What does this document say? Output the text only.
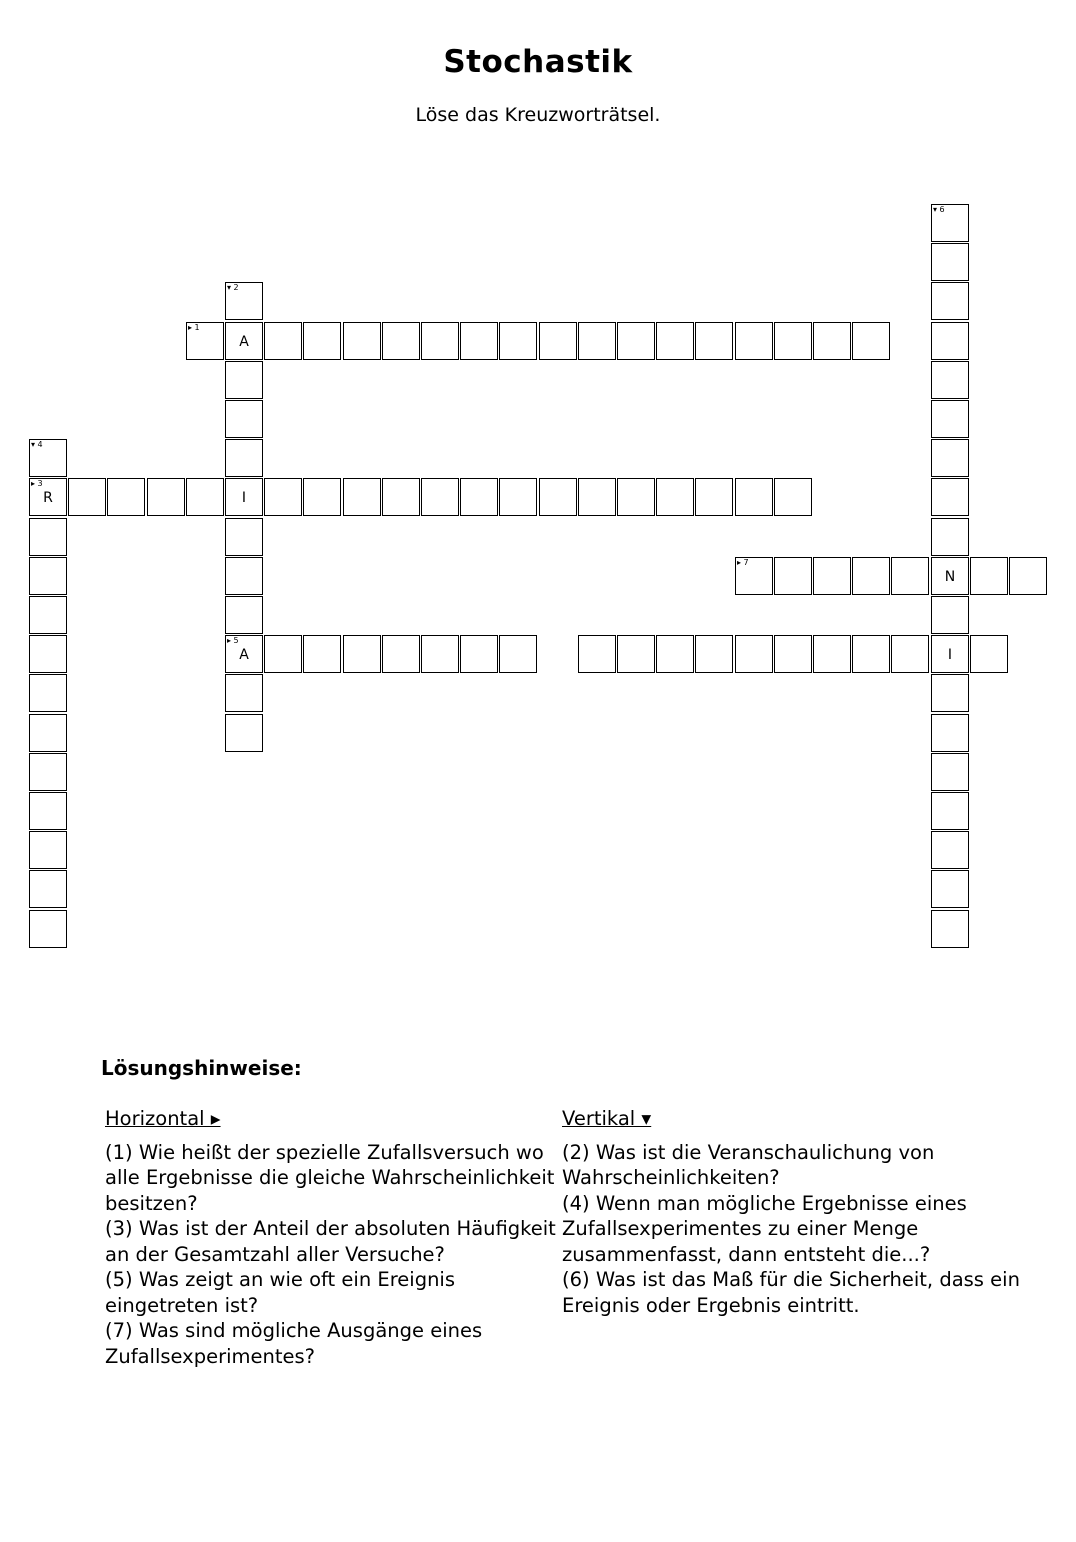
Stochastik
Löse das Kreuzworträtsel.
▸ 1
A
▸ 3
R	I
▸ 7
N
▸ 5
A	I
▾ 2
▾ 4
▾ 6
Lösungshinweise:
Horizontal ▸

(1) Wie heißt der spezielle Zufallsversuch wo alle Ergebnisse die gleiche Wahrscheinlichkeit besitzen?

(3) Was ist der Anteil der absoluten Häufigkeit an der Gesamtzahl aller Versuche?

(5) Was zeigt an wie oft ein Ereignis eingetreten ist?

(7) Was sind mögliche Ausgänge eines Zufallsexperimentes?

Vertikal ▾

(2) Was ist die Veranschaulichung von Wahrscheinlichkeiten?

(4) Wenn man mögliche Ergebnisse eines Zufallsexperimentes zu einer Menge zusammenfasst, dann entsteht die...?

(6) Was ist das Maß für die Sicherheit, dass ein Ereignis oder Ergebnis eintritt.
